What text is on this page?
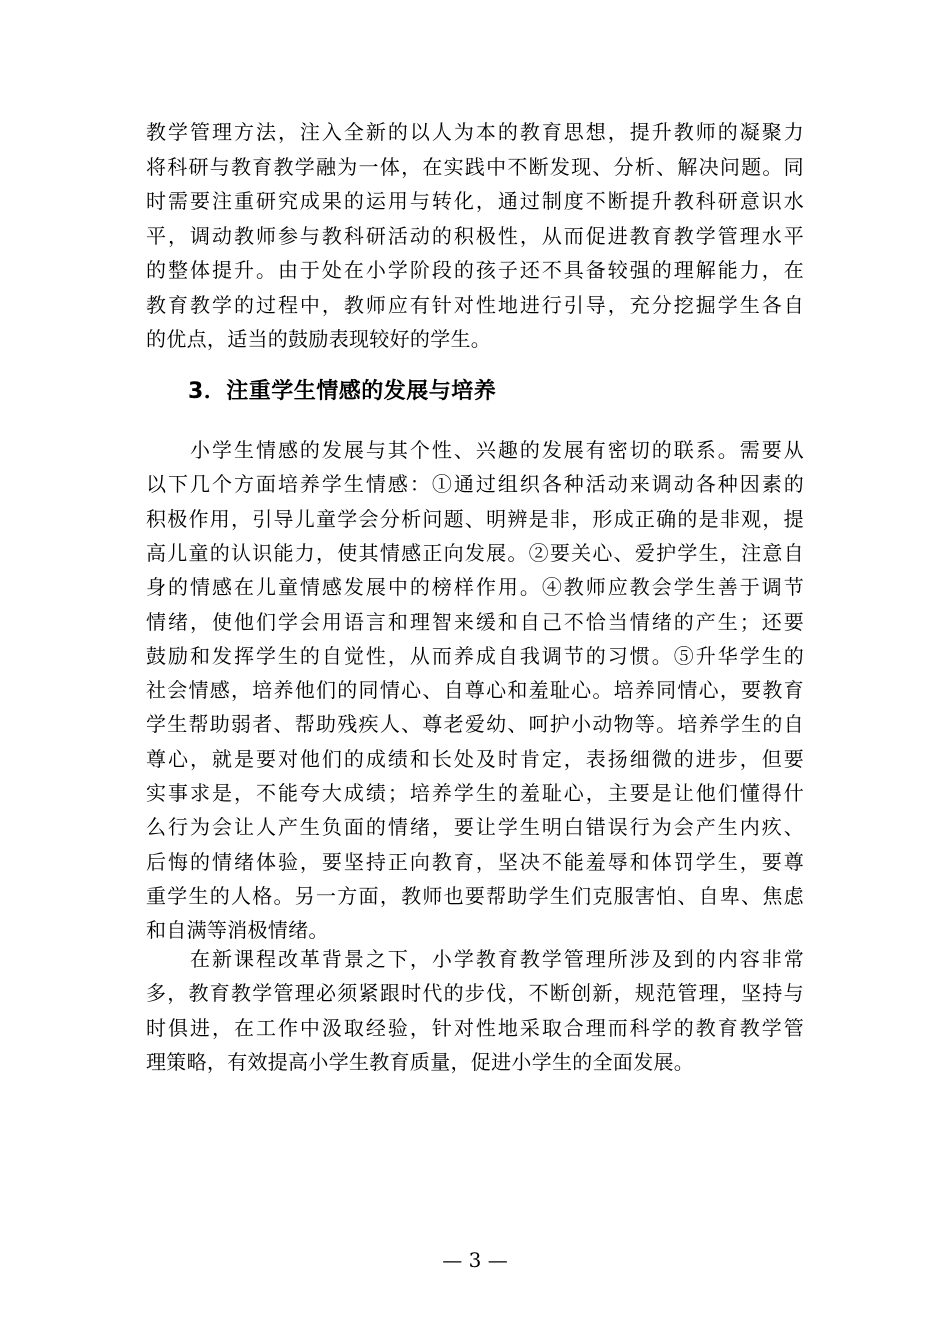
教学管理方法，注入全新的以人为本的教育思想，提升教师的凝聚力
将科研与教育教学融为一体，在实践中不断发现、分析、解决问题。同
时需要注重研究成果的运用与转化，通过制度不断提升教科研意识水
平，调动教师参与教科研活动的积极性，从而促进教育教学管理水平
的整体提升。由于处在小学阶段的孩子还不具备较强的理解能力，在
教育教学的过程中，教师应有针对性地进行引导，充分挖掘学生各自
的优点，适当的鼓励表现较好的学生。
3．注重学生情感的发展与培养
　　小学生情感的发展与其个性、兴趣的发展有密切的联系。需要从
以下几个方面培养学生情感：①通过组织各种活动来调动各种因素的
积极作用，引导儿童学会分析问题、明辨是非，形成正确的是非观，提
高儿童的认识能力，使其情感正向发展。②要关心、爱护学生，注意自
身的情感在儿童情感发展中的榜样作用。④教师应教会学生善于调节
情绪，使他们学会用语言和理智来缓和自己不恰当情绪的产生；还要
鼓励和发挥学生的自觉性，从而养成自我调节的习惯。⑤升华学生的
社会情感，培养他们的同情心、自尊心和羞耻心。培养同情心，要教育
学生帮助弱者、帮助残疾人、尊老爱幼、呵护小动物等。培养学生的自
尊心，就是要对他们的成绩和长处及时肯定，表扬细微的进步，但要
实事求是，不能夸大成绩；培养学生的羞耻心，主要是让他们懂得什
么行为会让人产生负面的情绪，要让学生明白错误行为会产生内疚、
后悔的情绪体验，要坚持正向教育，坚决不能羞辱和体罚学生，要尊
重学生的人格。另一方面，教师也要帮助学生们克服害怕、自卑、焦虑
和自满等消极情绪。
　　在新课程改革背景之下，小学教育教学管理所涉及到的内容非常
多，教育教学管理必须紧跟时代的步伐，不断创新，规范管理，坚持与
时俱进，在工作中汲取经验，针对性地采取合理而科学的教育教学管
理策略，有效提高小学生教育质量，促进小学生的全面发展。
— 3 —
